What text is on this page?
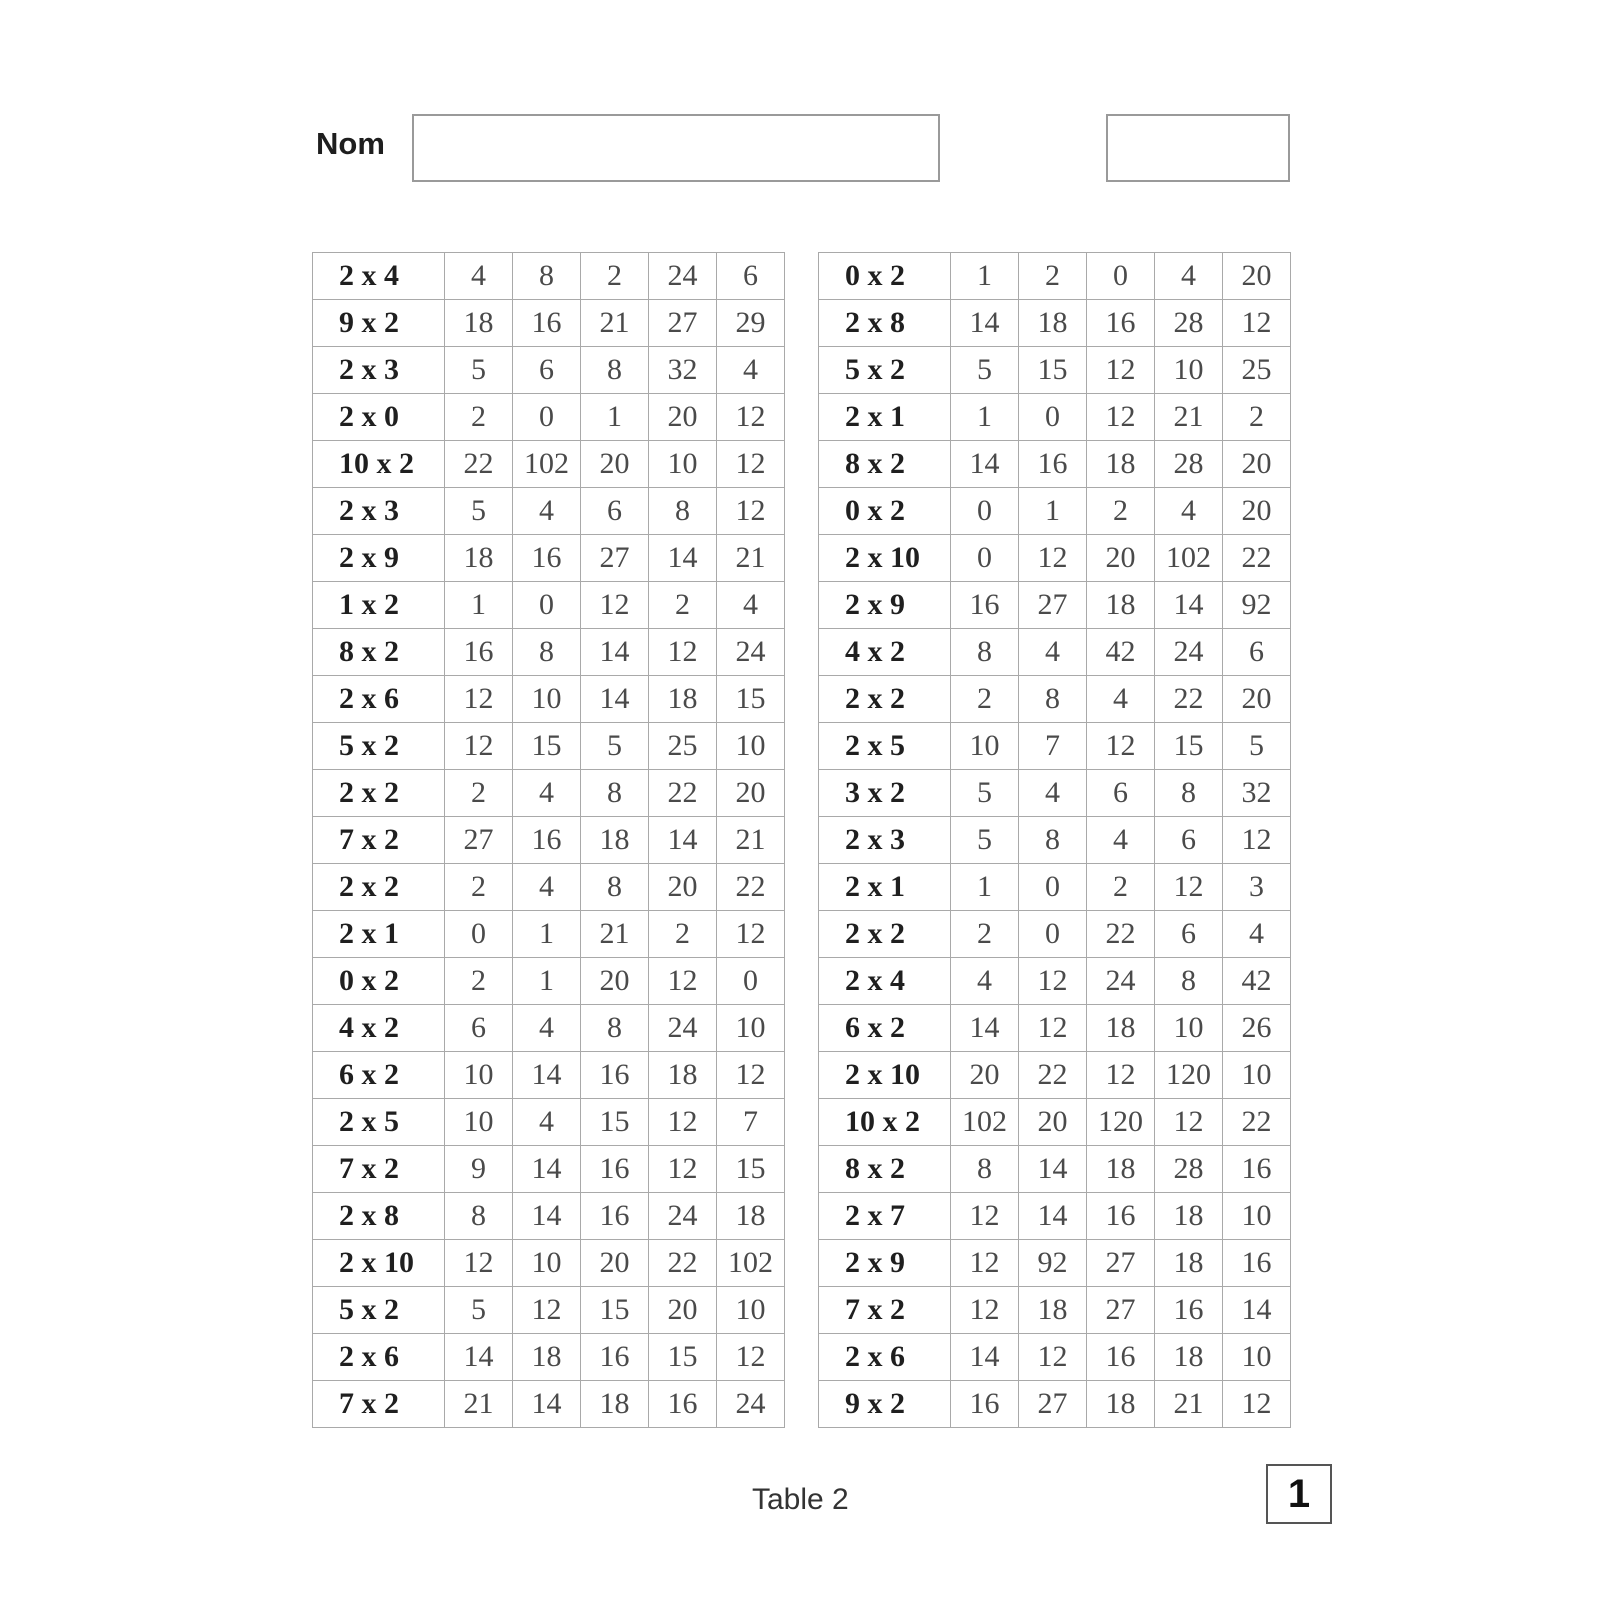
Nom
2 x 4	4	8	2	24	6
9 x 2	18	16	21	27	29
2 x 3	5	6	8	32	4
2 x 0	2	0	1	20	12
10 x 2	22	102	20	10	12
2 x 3	5	4	6	8	12
2 x 9	18	16	27	14	21
1 x 2	1	0	12	2	4
8 x 2	16	8	14	12	24
2 x 6	12	10	14	18	15
5 x 2	12	15	5	25	10
2 x 2	2	4	8	22	20
7 x 2	27	16	18	14	21
2 x 2	2	4	8	20	22
2 x 1	0	1	21	2	12
0 x 2	2	1	20	12	0
4 x 2	6	4	8	24	10
6 x 2	10	14	16	18	12
2 x 5	10	4	15	12	7
7 x 2	9	14	16	12	15
2 x 8	8	14	16	24	18
2 x 10	12	10	20	22	102
5 x 2	5	12	15	20	10
2 x 6	14	18	16	15	12
7 x 2	21	14	18	16	24
0 x 2	1	2	0	4	20
2 x 8	14	18	16	28	12
5 x 2	5	15	12	10	25
2 x 1	1	0	12	21	2
8 x 2	14	16	18	28	20
0 x 2	0	1	2	4	20
2 x 10	0	12	20	102	22
2 x 9	16	27	18	14	92
4 x 2	8	4	42	24	6
2 x 2	2	8	4	22	20
2 x 5	10	7	12	15	5
3 x 2	5	4	6	8	32
2 x 3	5	8	4	6	12
2 x 1	1	0	2	12	3
2 x 2	2	0	22	6	4
2 x 4	4	12	24	8	42
6 x 2	14	12	18	10	26
2 x 10	20	22	12	120	10
10 x 2	102	20	120	12	22
8 x 2	8	14	18	28	16
2 x 7	12	14	16	18	10
2 x 9	12	92	27	18	16
7 x 2	12	18	27	16	14
2 x 6	14	12	16	18	10
9 x 2	16	27	18	21	12
Table 2	1
